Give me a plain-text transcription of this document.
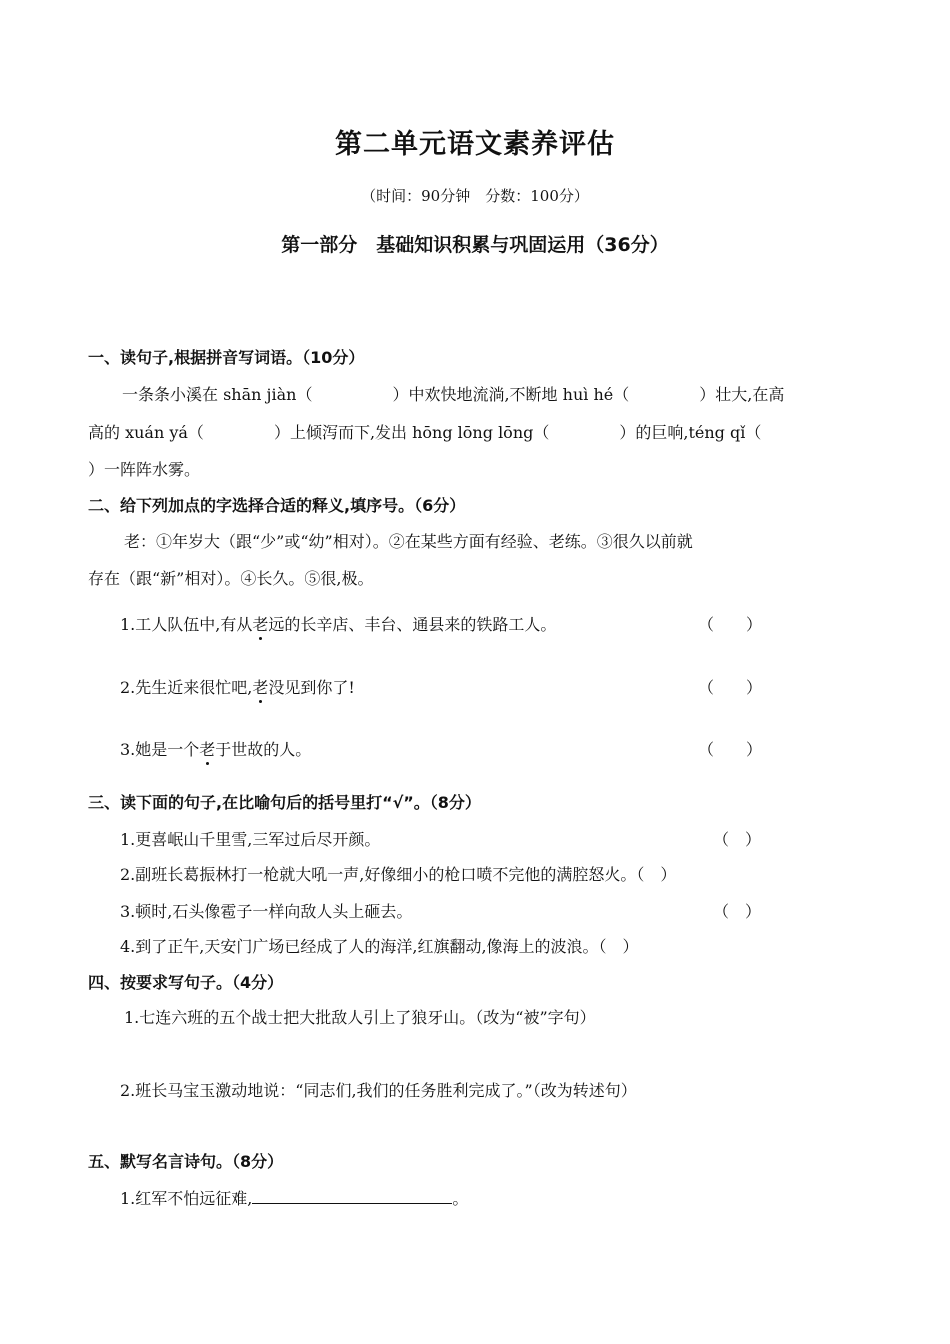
第二单元语文素养评估
（时间：90分钟　分数：100分）
第一部分　基础知识积累与巩固运用（36分）
一、读句子,根据拼音写词语。（10分）
一条条小溪在 shān jiàn（	）中欢快地流淌,不断地 huì hé（	）壮大,在高
高的 xuán yá（	）上倾泻而下,发出 hōng lōng lōng（	）的巨响,téng qǐ（
）一阵阵水雾。
二、给下列加点的字选择合适的释义,填序号。（6分）
老：①年岁大（跟“少”或“幼”相对）。②在某些方面有经验、老练。③很久以前就
存在（跟“新”相对）。④长久。⑤很,极。
1.工人队伍中,有从老远的长辛店、丰台、通县来的铁路工人。	（　　）
2.先生近来很忙吧,老没见到你了!	（　　）
3.她是一个老于世故的人。	（　　）
三、读下面的句子,在比喻句后的括号里打“√”。（8分）
1.更喜岷山千里雪,三军过后尽开颜。	（　）
2.副班长葛振林打一枪就大吼一声,好像细小的枪口喷不完他的满腔怒火。（　）
3.顿时,石头像雹子一样向敌人头上砸去。	（　）
4.到了正午,天安门广场已经成了人的海洋,红旗翻动,像海上的波浪。（　）
四、按要求写句子。（4分）
1.七连六班的五个战士把大批敌人引上了狼牙山。（改为“被”字句）
2.班长马宝玉激动地说：“同志们,我们的任务胜利完成了。”（改为转述句）
五、默写名言诗句。（8分）
1.红军不怕远征难,	。
